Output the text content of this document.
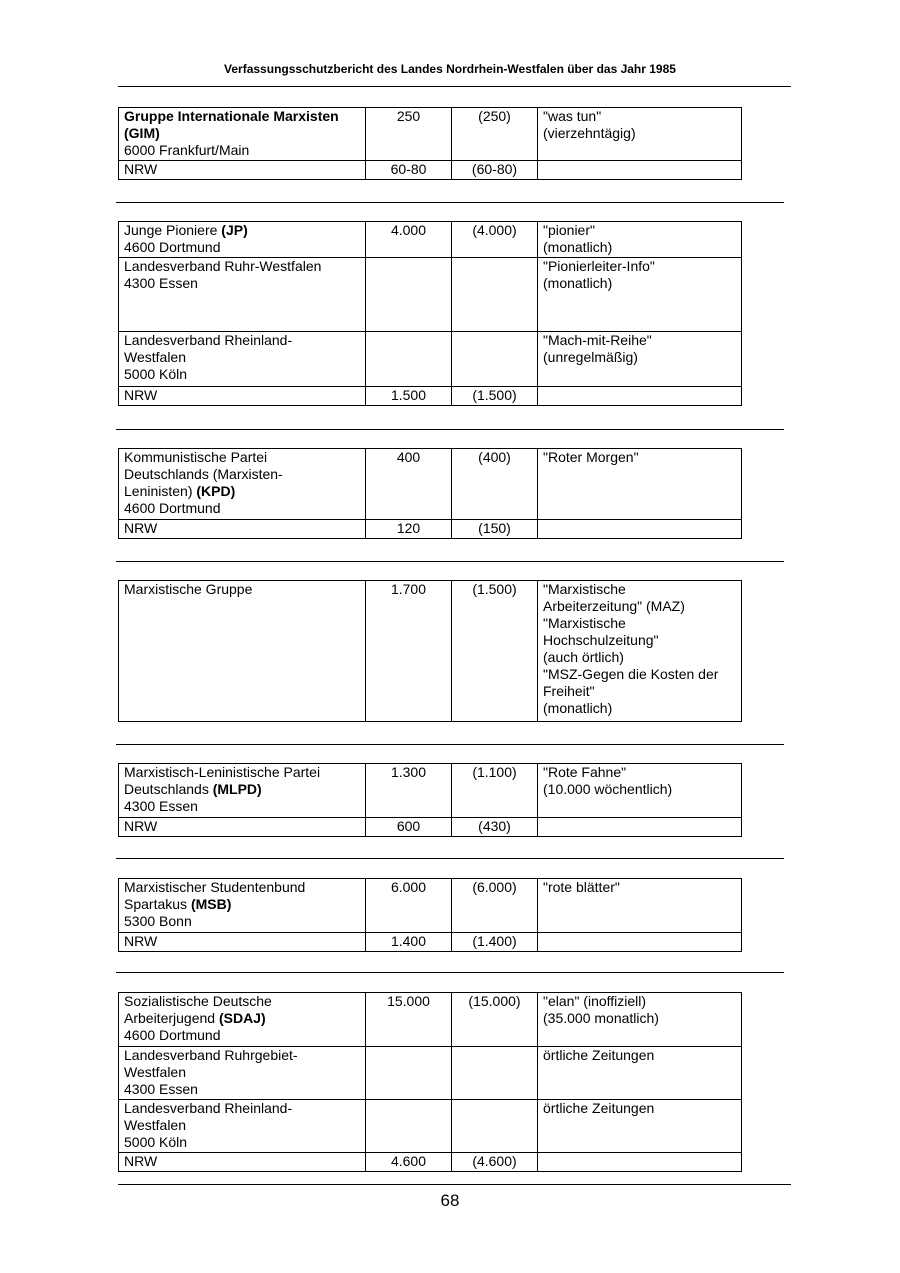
Verfassungsschutzbericht des Landes Nordrhein-Westfalen über das Jahr 1985
Gruppe Internationale Marxisten
(GIM)
6000 Frankfurt/Main	250	(250)	"was tun"
(vierzehntägig)

NRW	60-80	(60-80)	
Junge Pioniere (JP)
4600 Dortmund	4.000	(4.000)	"pionier"
(monatlich)

Landesverband Ruhr-Westfalen
4300 Essen			"Pionierleiter-Info"
(monatlich)

Landesverband Rheinland-
Westfalen
5000 Köln			"Mach-mit-Reihe"
(unregelmäßig)

NRW	1.500	(1.500)	
Kommunistische Partei
Deutschlands (Marxisten-
Leninisten) (KPD)
4600 Dortmund	400	(400)	"Roter Morgen"

NRW	120	(150)	
Marxistische Gruppe	1.700	(1.500)	"Marxistische
Arbeiterzeitung" (MAZ)
"Marxistische
Hochschulzeitung"
(auch örtlich)
"MSZ-Gegen die Kosten der
Freiheit"
(monatlich)
Marxistisch-Leninistische Partei
Deutschlands (MLPD)
4300 Essen	1.300	(1.100)	"Rote Fahne"
(10.000 wöchentlich)

NRW	600	(430)	
Marxistischer Studentenbund
Spartakus (MSB)
5300 Bonn	6.000	(6.000)	"rote blätter"

NRW	1.400	(1.400)	
Sozialistische Deutsche
Arbeiterjugend (SDAJ)
4600 Dortmund	15.000	(15.000)	"elan" (inoffiziell)
(35.000 monatlich)

Landesverband Ruhrgebiet-
Westfalen
4300 Essen			örtliche Zeitungen

Landesverband Rheinland-
Westfalen
5000 Köln			örtliche Zeitungen

NRW	4.600	(4.600)	
68
